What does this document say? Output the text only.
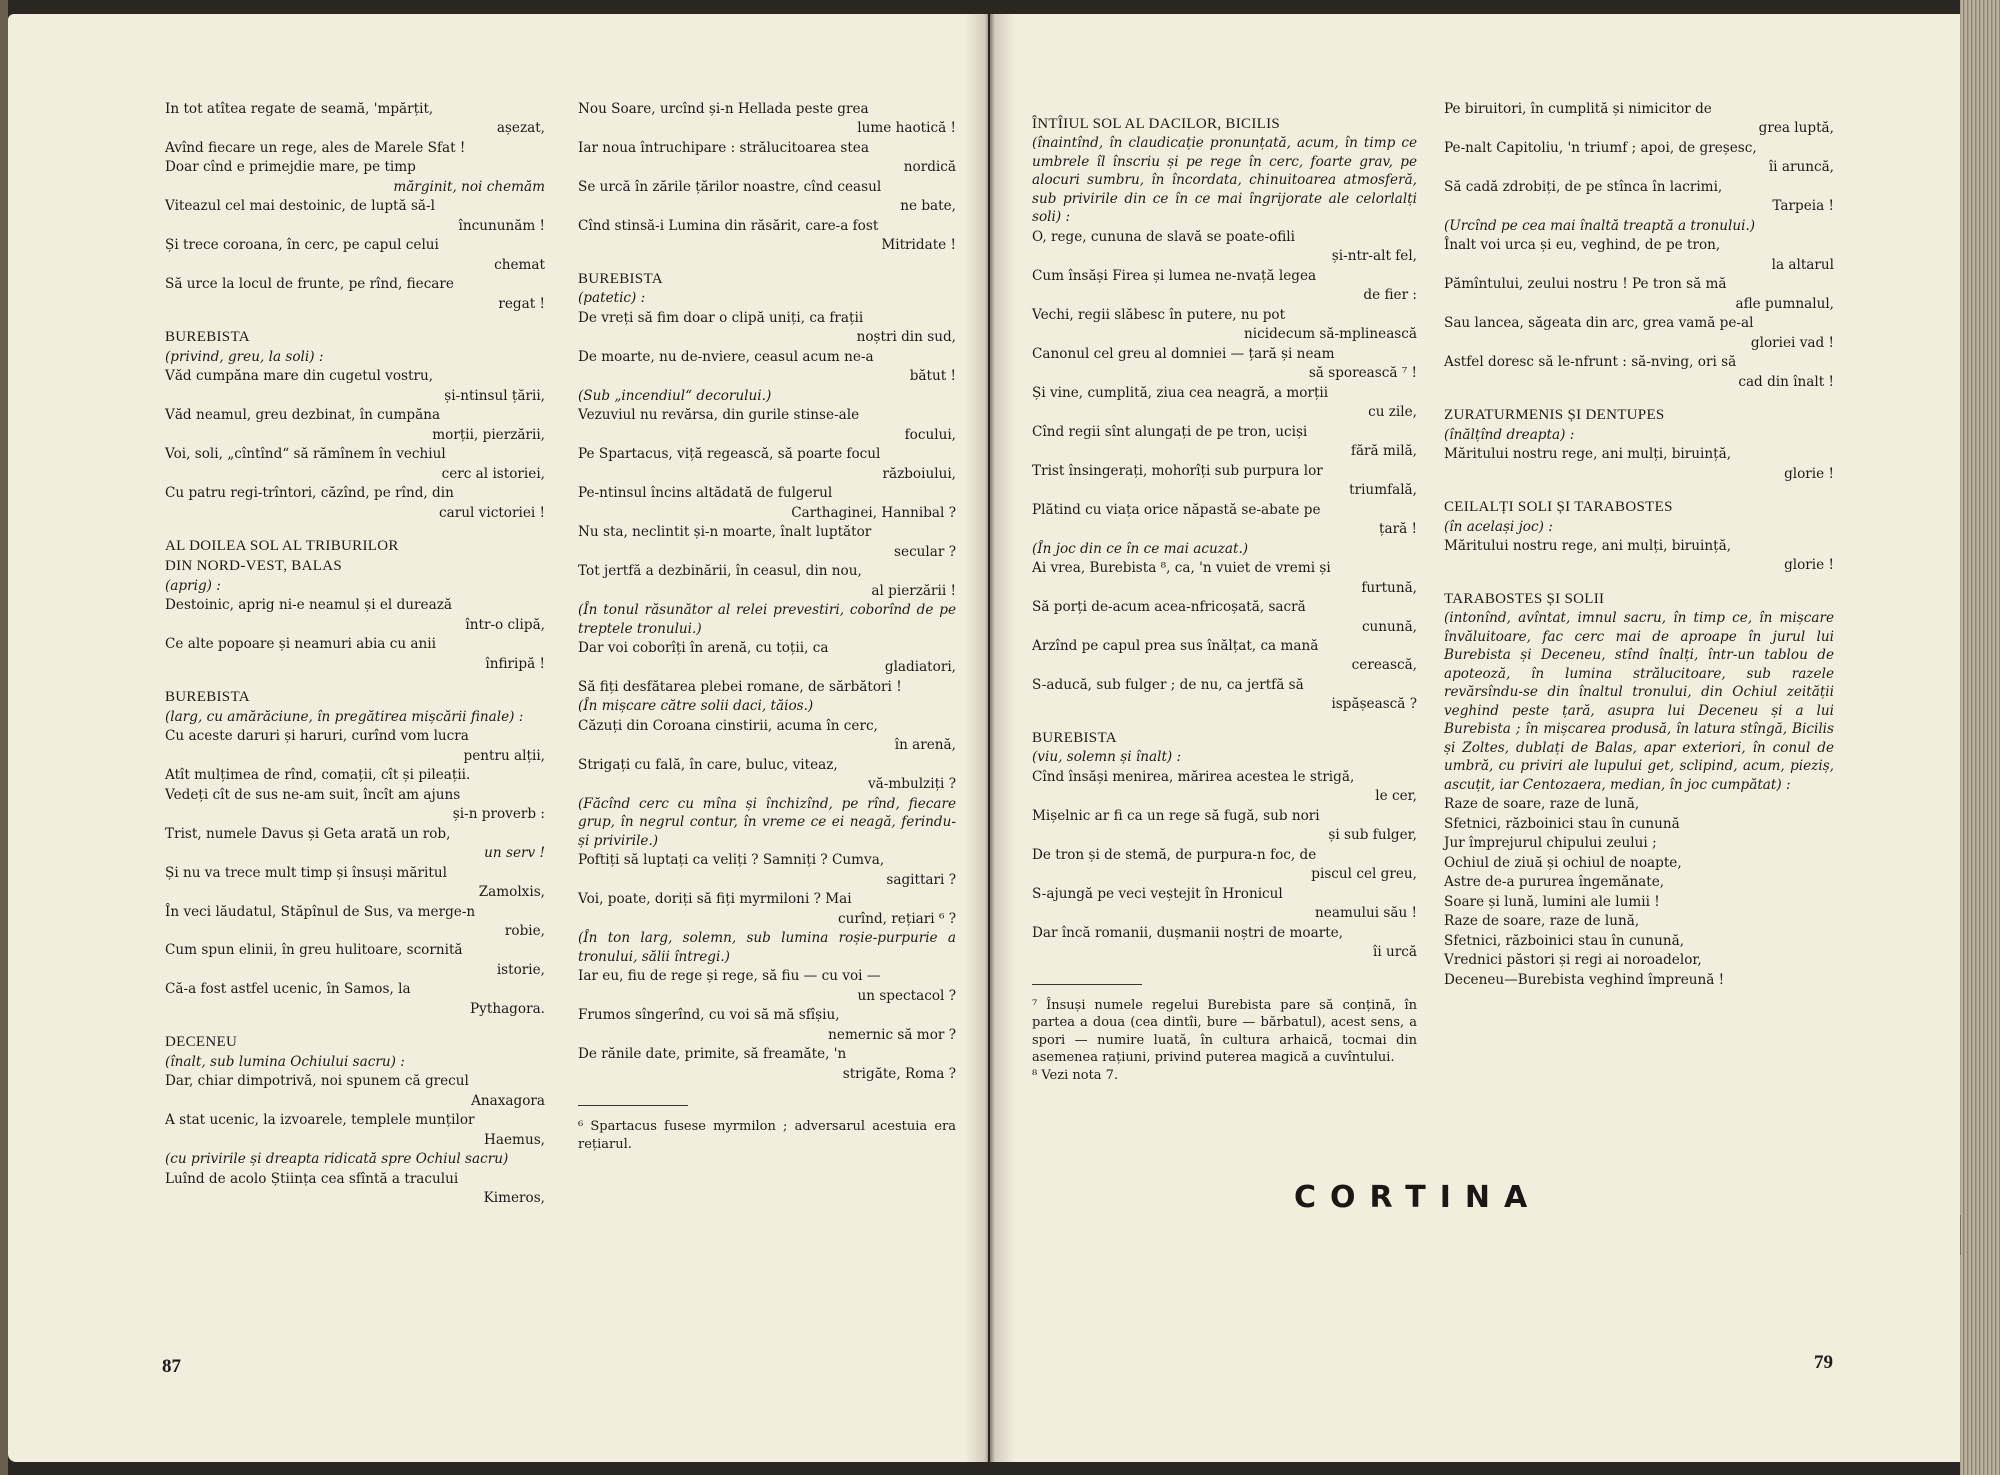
In tot atîtea regate de seamă, 'mpărțit,

așezat,

Avînd fiecare un rege, ales de Marele Sfat !

Doar cînd e primejdie mare, pe timp

mărginit, noi chemăm

Viteazul cel mai destoinic, de luptă să-l

încununăm !

Și trece coroana, în cerc, pe capul celui

chemat

Să urce la locul de frunte, pe rînd, fiecare

regat !

BUREBISTA

(privind, greu, la soli) :

Văd cumpăna mare din cugetul vostru,

și-ntinsul țării,

Văd neamul, greu dezbinat, în cumpăna

morții, pierzării,

Voi, soli, „cîntînd“ să rămînem în vechiul

cerc al istoriei,

Cu patru regi-trîntori, căzînd, pe rînd, din

carul victoriei !

AL DOILEA SOL AL TRIBURILOR
DIN NORD-VEST, BALAS

(aprig) :

Destoinic, aprig ni-e neamul și el durează

într-o clipă,

Ce alte popoare și neamuri abia cu anii

înfiripă !

BUREBISTA

(larg, cu amărăciune, în pregătirea mișcării finale) :

Cu aceste daruri și haruri, curînd vom lucra

pentru alții,

Atît mulțimea de rînd, comații, cît și pileații.

Vedeți cît de sus ne-am suit, încît am ajuns

și-n proverb :

Trist, numele Davus și Geta arată un rob,

un serv !

Și nu va trece mult timp și însuși măritul

Zamolxis,

În veci lăudatul, Stăpînul de Sus, va merge-n

robie,

Cum spun elinii, în greu hulitoare, scornită

istorie,

Că-a fost astfel ucenic, în Samos, la

Pythagora.

DECENEU

(înalt, sub lumina Ochiului sacru) :

Dar, chiar dimpotrivă, noi spunem că grecul

Anaxagora

A stat ucenic, la izvoarele, templele munților

Haemus,

(cu privirile și dreapta ridicată spre Ochiul sacru)

Luînd de acolo Știința cea sfîntă a tracului

Kimeros,

Nou Soare, urcînd și-n Hellada peste grea

lume haotică !

Iar noua întruchipare : strălucitoarea stea

nordică

Se urcă în zările țărilor noastre, cînd ceasul

ne bate,

Cînd stinsă-i Lumina din răsărit, care-a fost

Mitridate !

BUREBISTA

(patetic) :

De vreți să fim doar o clipă uniți, ca frații

noștri din sud,

De moarte, nu de-nviere, ceasul acum ne-a

bătut !

(Sub „incendiul“ decorului.)

Vezuviul nu revărsa, din gurile stinse-ale

focului,

Pe Spartacus, viță regească, să poarte focul

războiului,

Pe-ntinsul încins altădată de fulgerul

Carthaginei, Hannibal ?

Nu sta, neclintit și-n moarte, înalt luptător

secular ?

Tot jertfă a dezbinării, în ceasul, din nou,

al pierzării !

(În tonul răsunător al relei prevestiri, coborînd de pe treptele tronului.)

Dar voi coborîți în arenă, cu toții, ca

gladiatori,

Să fiți desfătarea plebei romane, de sărbători !

(În mișcare către solii daci, tăios.)

Căzuți din Coroana cinstirii, acuma în cerc,

în arenă,

Strigați cu fală, în care, buluc, viteaz,

vă-mbulziți ?

(Făcînd cerc cu mîna și închizînd, pe rînd, fiecare grup, în negrul contur, în vreme ce ei neagă, ferindu-și privirile.)

Poftiți să luptați ca veliți ? Samniți ? Cumva,

sagittari ?

Voi, poate, doriți să fiți myrmiloni ? Mai

curînd, rețiari ⁶ ?

(În ton larg, solemn, sub lumina roșie-purpurie a tronului, sălii întregi.)

Iar eu, fiu de rege și rege, să fiu — cu voi —

un spectacol ?

Frumos sîngerînd, cu voi să mă sfîșiu,

nemernic să mor ?

De rănile date, primite, să freamăte, 'n

strigăte, Roma ?

⁶ Spartacus fusese myrmilon ; adversarul acestuia era rețiarul.
ÎNTÎIUL SOL AL DACILOR, BICILIS

(înaintînd, în claudicație pronunțată, acum, în timp ce umbrele îl înscriu și pe rege în cerc, foarte grav, pe alocuri sumbru, în încordata, chinuitoarea atmosferă, sub privirile din ce în ce mai îngrijorate ale celorlalți soli) :

O, rege, cununa de slavă se poate-ofili

și-ntr-alt fel,

Cum însăși Firea și lumea ne-nvață legea

de fier :

Vechi, regii slăbesc în putere, nu pot

nicidecum să-mplinească

Canonul cel greu al domniei — țară și neam

să sporească ⁷ !

Și vine, cumplită, ziua cea neagră, a morții

cu zile,

Cînd regii sînt alungați de pe tron, uciși

fără milă,

Trist însingerați, mohorîți sub purpura lor

triumfală,

Plătind cu viața orice năpastă se-abate pe

țară !

(În joc din ce în ce mai acuzat.)

Ai vrea, Burebista ⁸, ca, 'n vuiet de vremi și

furtună,

Să porți de-acum acea-nfricoșată, sacră

cunună,

Arzînd pe capul prea sus înălțat, ca mană

cerească,

S-aducă, sub fulger ; de nu, ca jertfă să

ispășească ?

BUREBISTA

(viu, solemn și înalt) :

Cînd însăși menirea, mărirea acestea le strigă,

le cer,

Mișelnic ar fi ca un rege să fugă, sub nori

și sub fulger,

De tron și de stemă, de purpura-n foc, de

piscul cel greu,

S-ajungă pe veci veștejit în Hronicul

neamului său !

Dar încă romanii, dușmanii noștri de moarte,

îi urcă

⁷ Însuși numele regelui Burebista pare să conțină, în partea a doua (cea dintîi, bure — bărbatul), acest sens, a spori — numire luată, în cultura arhaică, tocmai din asemenea rațiuni, privind puterea magică a cuvîntului.
⁸ Vezi nota 7.

Pe biruitori, în cumplită și nimicitor de

grea luptă,

Pe-nalt Capitoliu, 'n triumf ; apoi, de greșesc,

îi aruncă,

Să cadă zdrobiți, de pe stînca în lacrimi,

Tarpeia !

(Urcînd pe cea mai înaltă treaptă a tronului.)

Înalt voi urca și eu, veghind, de pe tron,

la altarul

Pămîntului, zeului nostru ! Pe tron să mă

afle pumnalul,

Sau lancea, săgeata din arc, grea vamă pe-al

gloriei vad !

Astfel doresc să le-nfrunt : să-nving, ori să

cad din înalt !

ZURATURMENIS ȘI DENTUPES

(înălțînd dreapta) :

Măritului nostru rege, ani mulți, biruință,

glorie !

CEILALȚI SOLI ȘI TARABOSTES

(în același joc) :

Măritului nostru rege, ani mulți, biruință,

glorie !

TARABOSTES ȘI SOLII

(intonînd, avîntat, imnul sacru, în timp ce, în mișcare învăluitoare, fac cerc mai de aproape în jurul lui Burebista și Deceneu, stînd înalți, într-un tablou de apoteoză, în lumina strălucitoare, sub razele revărsîndu-se din înaltul tronului, din Ochiul zeității veghind peste țară, asupra lui Deceneu și a lui Burebista ; în mișcarea produsă, în latura stîngă, Bicilis și Zoltes, dublați de Balas, apar exteriori, în conul de umbră, cu priviri ale lupului get, sclipind, acum, pieziș, ascuțit, iar Centozaera, median, în joc cumpătat) :

Raze de soare, raze de lună,

Sfetnici, războinici stau în cunună

Jur împrejurul chipului zeului ;

Ochiul de ziuă și ochiul de noapte,

Astre de-a pururea îngemănate,

Soare și lună, lumini ale lumii !

Raze de soare, raze de lună,

Sfetnici, războinici stau în cunună,

Vrednici păstori și regi ai noroadelor,

Deceneu—Burebista veghind împreună !

CORTINA
87	79
